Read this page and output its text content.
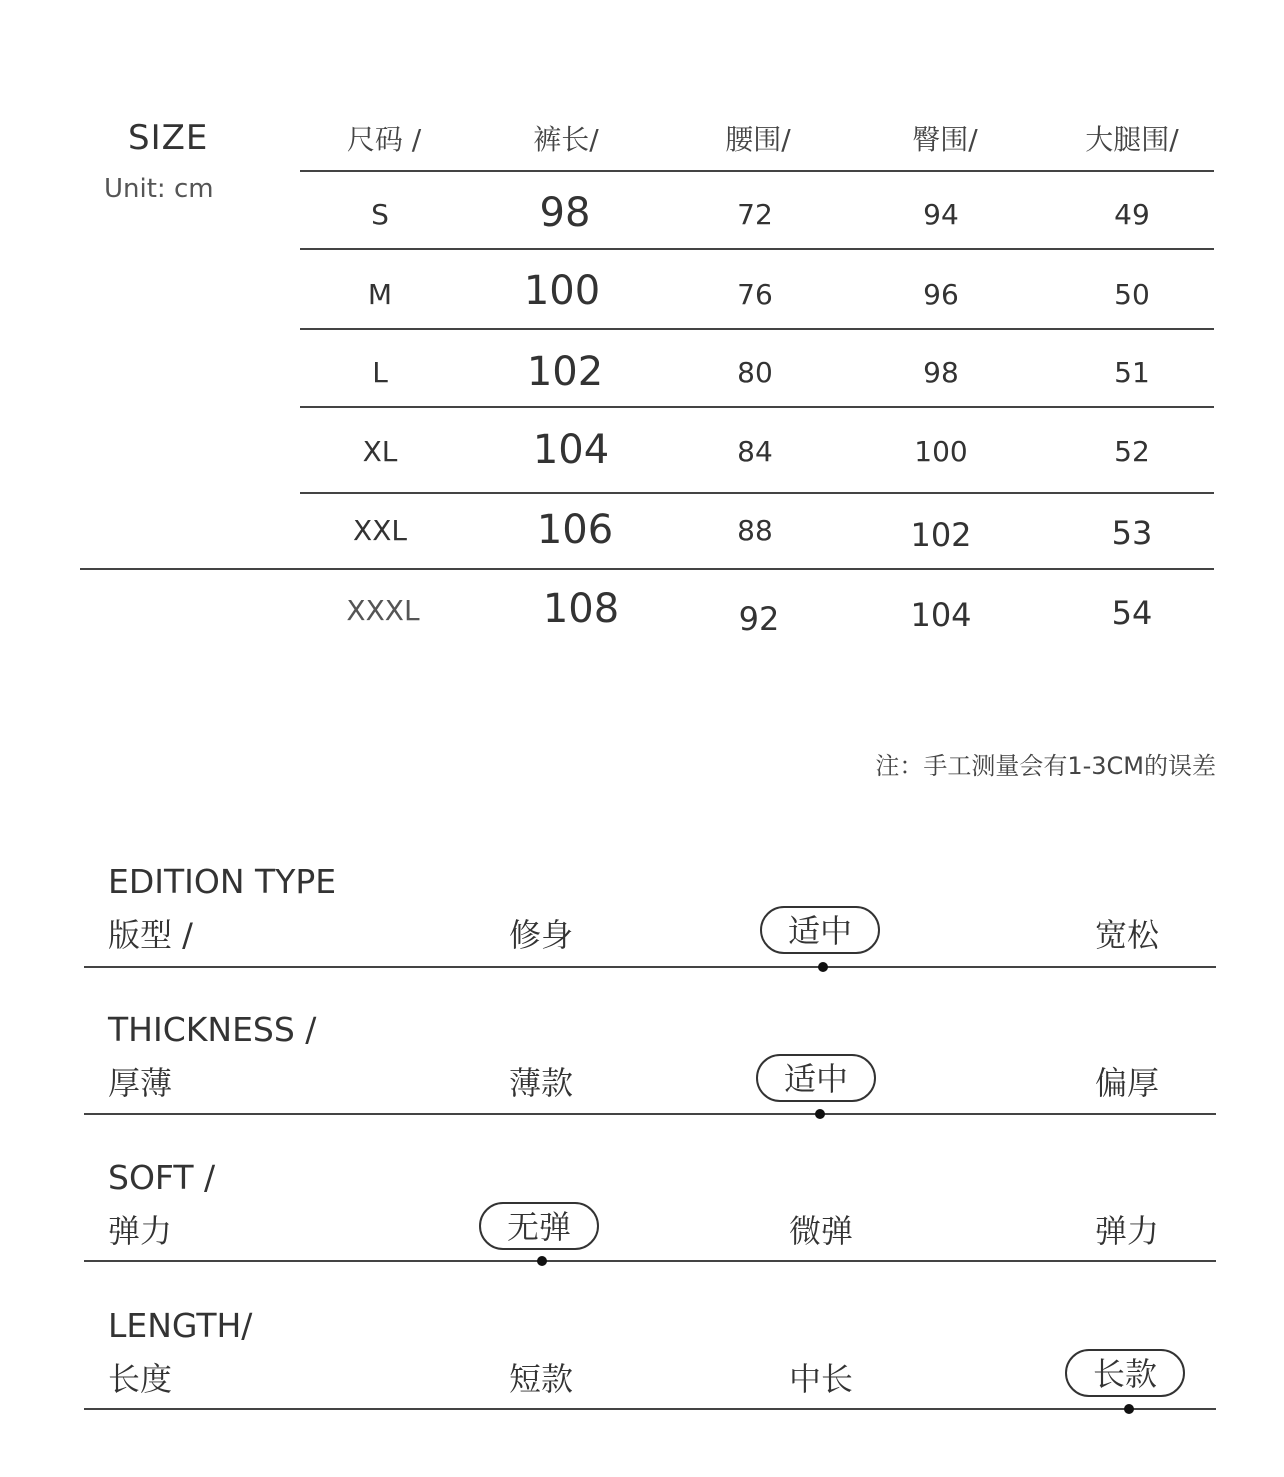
SIZE
Unit: cm
尺码 /	裤长/	腰围/	臀围/	大腿围/
S	98	72	94	49
M	100	76	96	50
L	102	80	98	51
XL	104	84	100	52
XXL	106	88	102	53
XXXL	108	92	104	54
注：手工测量会有1-3CM的误差
EDITION TYPE
版型 /	修身	适中	宽松
THICKNESS /
厚薄	薄款	适中	偏厚
SOFT /
弹力	无弹	微弹	弹力
LENGTH/
长度	短款	中长	长款
